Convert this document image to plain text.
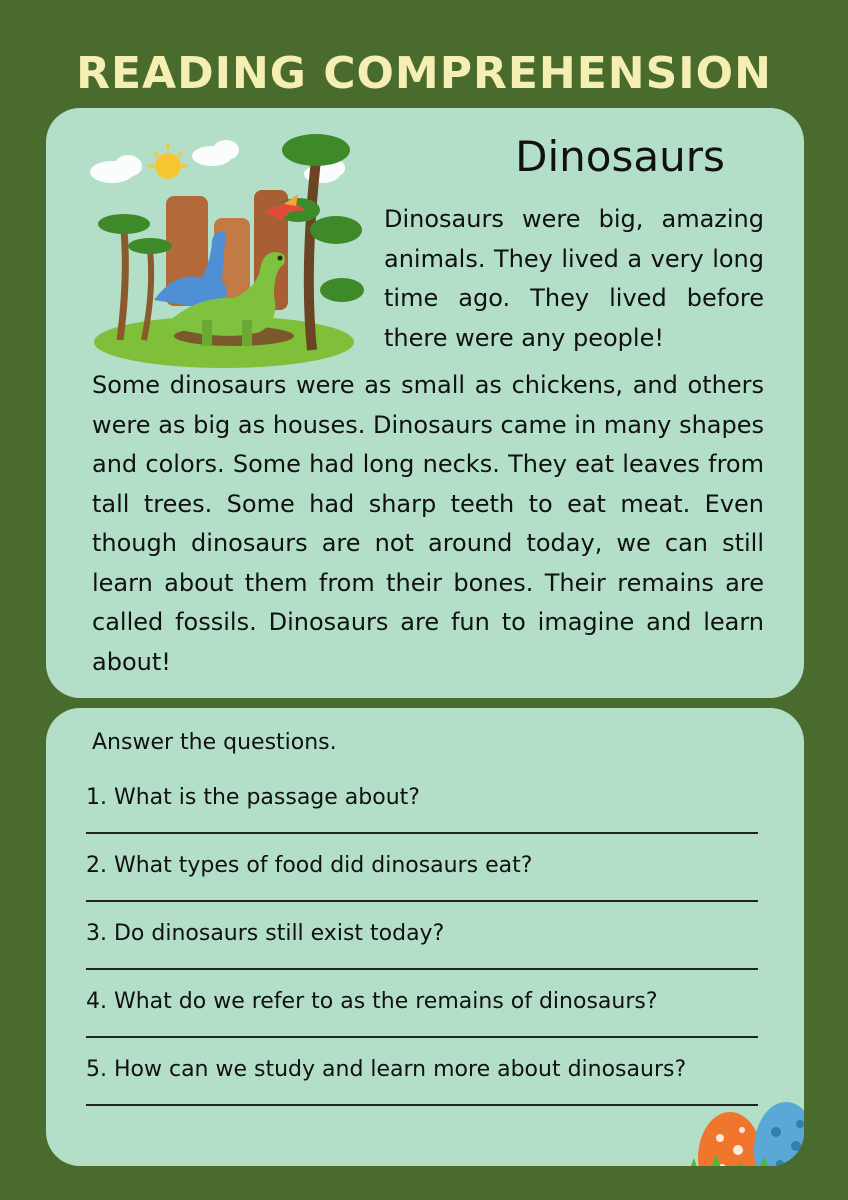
READING COMPREHENSION
Dinosaurs
Dinosaurs were big, amazing animals. They lived a very long time ago. They lived before there were any people!
Some dinosaurs were as small as chickens, and others were as big as houses. Dinosaurs came in many shapes and colors. Some had long necks. They eat leaves from tall trees. Some had sharp teeth to eat meat. Even though dinosaurs are not around today, we can still learn about them from their bones. Their remains are called fossils. Dinosaurs are fun to imagine and learn about!
Answer the questions.
1. What is the passage about?
2. What types of food did dinosaurs eat?
3. Do dinosaurs still exist today?
4. What do we refer to as the remains of dinosaurs?
5. How can we study and learn more about dinosaurs?
